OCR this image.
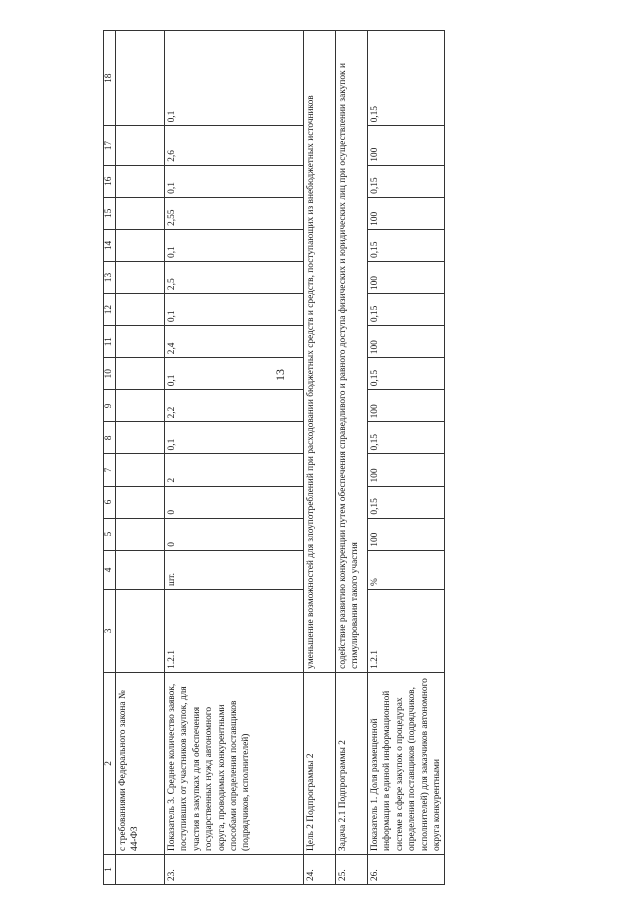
13
1	2	3	4	5	6	7	8	9	10	11	12	13	14	15	16	17	18
	с требованиями Федерального закона № 44-ФЗ																
23.	Показатель 3. Среднее количество заявок, поступивших от участников закупок, для участия в закупках для обеспечения государственных нужд автономного округа, проводимых конкурентными способами определения поставщиков (подрядчиков, исполнителей)	1.2.1	шт.	0	0	2	0,1	2,2	0,1	2,4	0,1	2,5	0,1	2,55	0,1	2,6	0,1
24.	Цель 2 Подпрограммы 2	уменьшение возможностей для злоупотреблений при расходовании бюджетных средств и средств, поступающих из внебюджетных источников															
25.	Задача 2.1 Подпрограммы 2	содействие развитию конкуренции путем обеспечения справедливого и равного доступа физических и юридических лиц при осуществлении закупок и стимулирования такого участия															
26.	Показатель 1. Доля размещенной информации в единой информационной системе в сфере закупок о процедурах определения поставщиков (подрядчиков, исполнителей) для заказчиков автономного округа конкурентными	1.2.1	%	100	0,15	100	0,15	100	0,15	100	0,15	100	0,15	100	0,15	100	0,15
